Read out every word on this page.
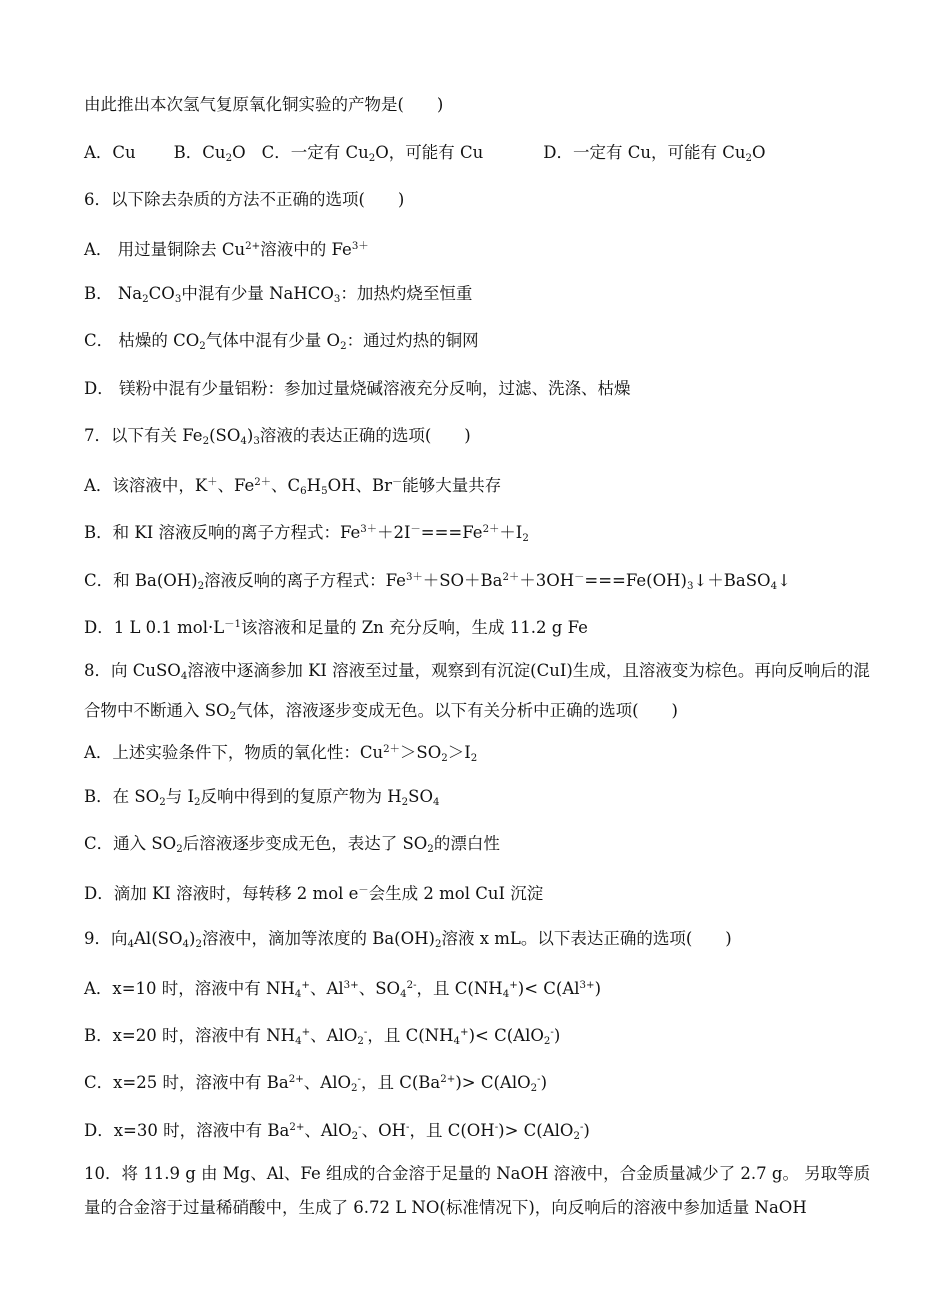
由此推出本次氢气复原氧化铜实验的产物是(　　)
A．Cu B．$Cu_2O$ C．一定有 $Cu_2O$，可能有 Cu	D．一定有 Cu，可能有 $Cu_2O$
6．以下除去杂质的方法不正确的选项(　　)
A． 用过量铜除去 $Cu^{2+}$溶液中的 $Fe^{3+}$
B． $Na_2CO_3$中混有少量 NaHCO$_3$：加热灼烧至恒重
C． 枯燥的 $CO_2$气体中混有少量 $O_2$：通过灼热的铜网
D． 镁粉中混有少量铝粉：参加过量烧碱溶液充分反响，过滤、洗涤、枯燥
7．以下有关 $Fe_2(SO_4)_3$溶液的表达正确的选项(　　)
A．该溶液中，K＋、$Fe^{2+}$、$C_6H_5OH$、Br－能够大量共存
B．和 KI 溶液反响的离子方程式：$Fe^{3+}+2I^-===Fe^{2+}+I_2$
C．和 $Ba(OH)_2$溶液反响的离子方程式：$Fe^{3+}+SO+Ba^{2+}+3OH^-===Fe(OH)_3↓+BaSO_4↓$
D．1 L 0.1 $mol\cdot L^{-1}$该溶液和足量的 Zn 充分反响，生成 11.2 g Fe
8．向 CuSO$_4$溶液中逐滴参加 KI 溶液至过量，观察到有沉淀(CuI)生成，且溶液变为棕色。再向反响后的混合物中不断通入 $SO_2$气体，溶液逐步变成无色。以下有关分析中正确的选项(　　)
A．上述实验条件下，物质的氧化性：$Cu^{2+}>SO_2>I_2$
B．在 $SO_2$与 $I_2$反响中得到的复原产物为 $H_2SO_4$
C．通入 $SO_2$后溶液逐步变成无色，表达了 $SO_2$的漂白性
D．滴加 KI 溶液时，每转移 2 mol e－会生成 2 mol CuI 沉淀
9．向$_4Al(SO_4)_2$溶液中，滴加等浓度的 $Ba(OH)_2$溶液 x mL。以下表达正确的选项(　　)
A．x=10 时，溶液中有 $NH_4^+$、$Al^{3+}$、$SO_4^{2-}$，且 $C(NH_4^+)< C(Al^{3+})$
B．x=20 时，溶液中有 $NH_4^+$、AlO$_2$-，且 $C(NH_4^+)< C(AlO_2^-)$
C．x=25 时，溶液中有 $Ba^{2+}$、AlO$_2$-，且 $C(Ba^{2+})> C(AlO_2^-)$
D．x=30 时，溶液中有 $Ba^{2+}$、AlO$_2$-、OH-，且 C(OH-)> C(AlO$_2$-)
10．将 11.9 g 由 Mg、Al、Fe 组成的合金溶于足量的 NaOH 溶液中，合金质量减少了 2.7 g。 另取等质量的合金溶于过量稀硝酸中，生成了 6.72 L NO(标准情况下)，向反响后的溶液中参加适量 NaOH
